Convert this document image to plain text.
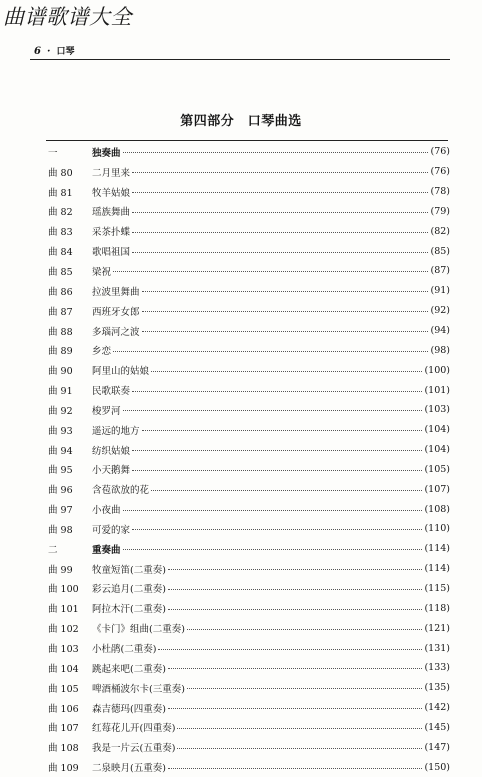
曲谱歌谱大全
6 · 口琴
第四部分　口琴曲选
一	独奏曲	(76)
曲 80	二月里来	(76)
曲 81	牧羊姑娘	(78)
曲 82	瑶族舞曲	(79)
曲 83	采茶扑蝶	(82)
曲 84	歌唱祖国	(85)
曲 85	梁祝	(87)
曲 86	拉波里舞曲	(91)
曲 87	西班牙女郎	(92)
曲 88	多瑙河之波	(94)
曲 89	乡恋	(98)
曲 90	阿里山的姑娘	(100)
曲 91	民歌联奏	(101)
曲 92	梭罗河	(103)
曲 93	遥远的地方	(104)
曲 94	纺织姑娘	(104)
曲 95	小天鹅舞	(105)
曲 96	含苞欲放的花	(107)
曲 97	小夜曲	(108)
曲 98	可爱的家	(110)
二	重奏曲	(114)
曲 99	牧童短笛(二重奏)	(114)
曲 100	彩云追月(二重奏)	(115)
曲 101	阿拉木汗(二重奏)	(118)
曲 102	《卡门》组曲(二重奏)	(121)
曲 103	小杜鹃(二重奏)	(131)
曲 104	跳起来吧(二重奏)	(133)
曲 105	啤酒桶波尔卡(三重奏)	(135)
曲 106	森吉德玛(四重奏)	(142)
曲 107	红莓花儿开(四重奏)	(145)
曲 108	我是一片云(五重奏)	(147)
曲 109	二泉映月(五重奏)	(150)
